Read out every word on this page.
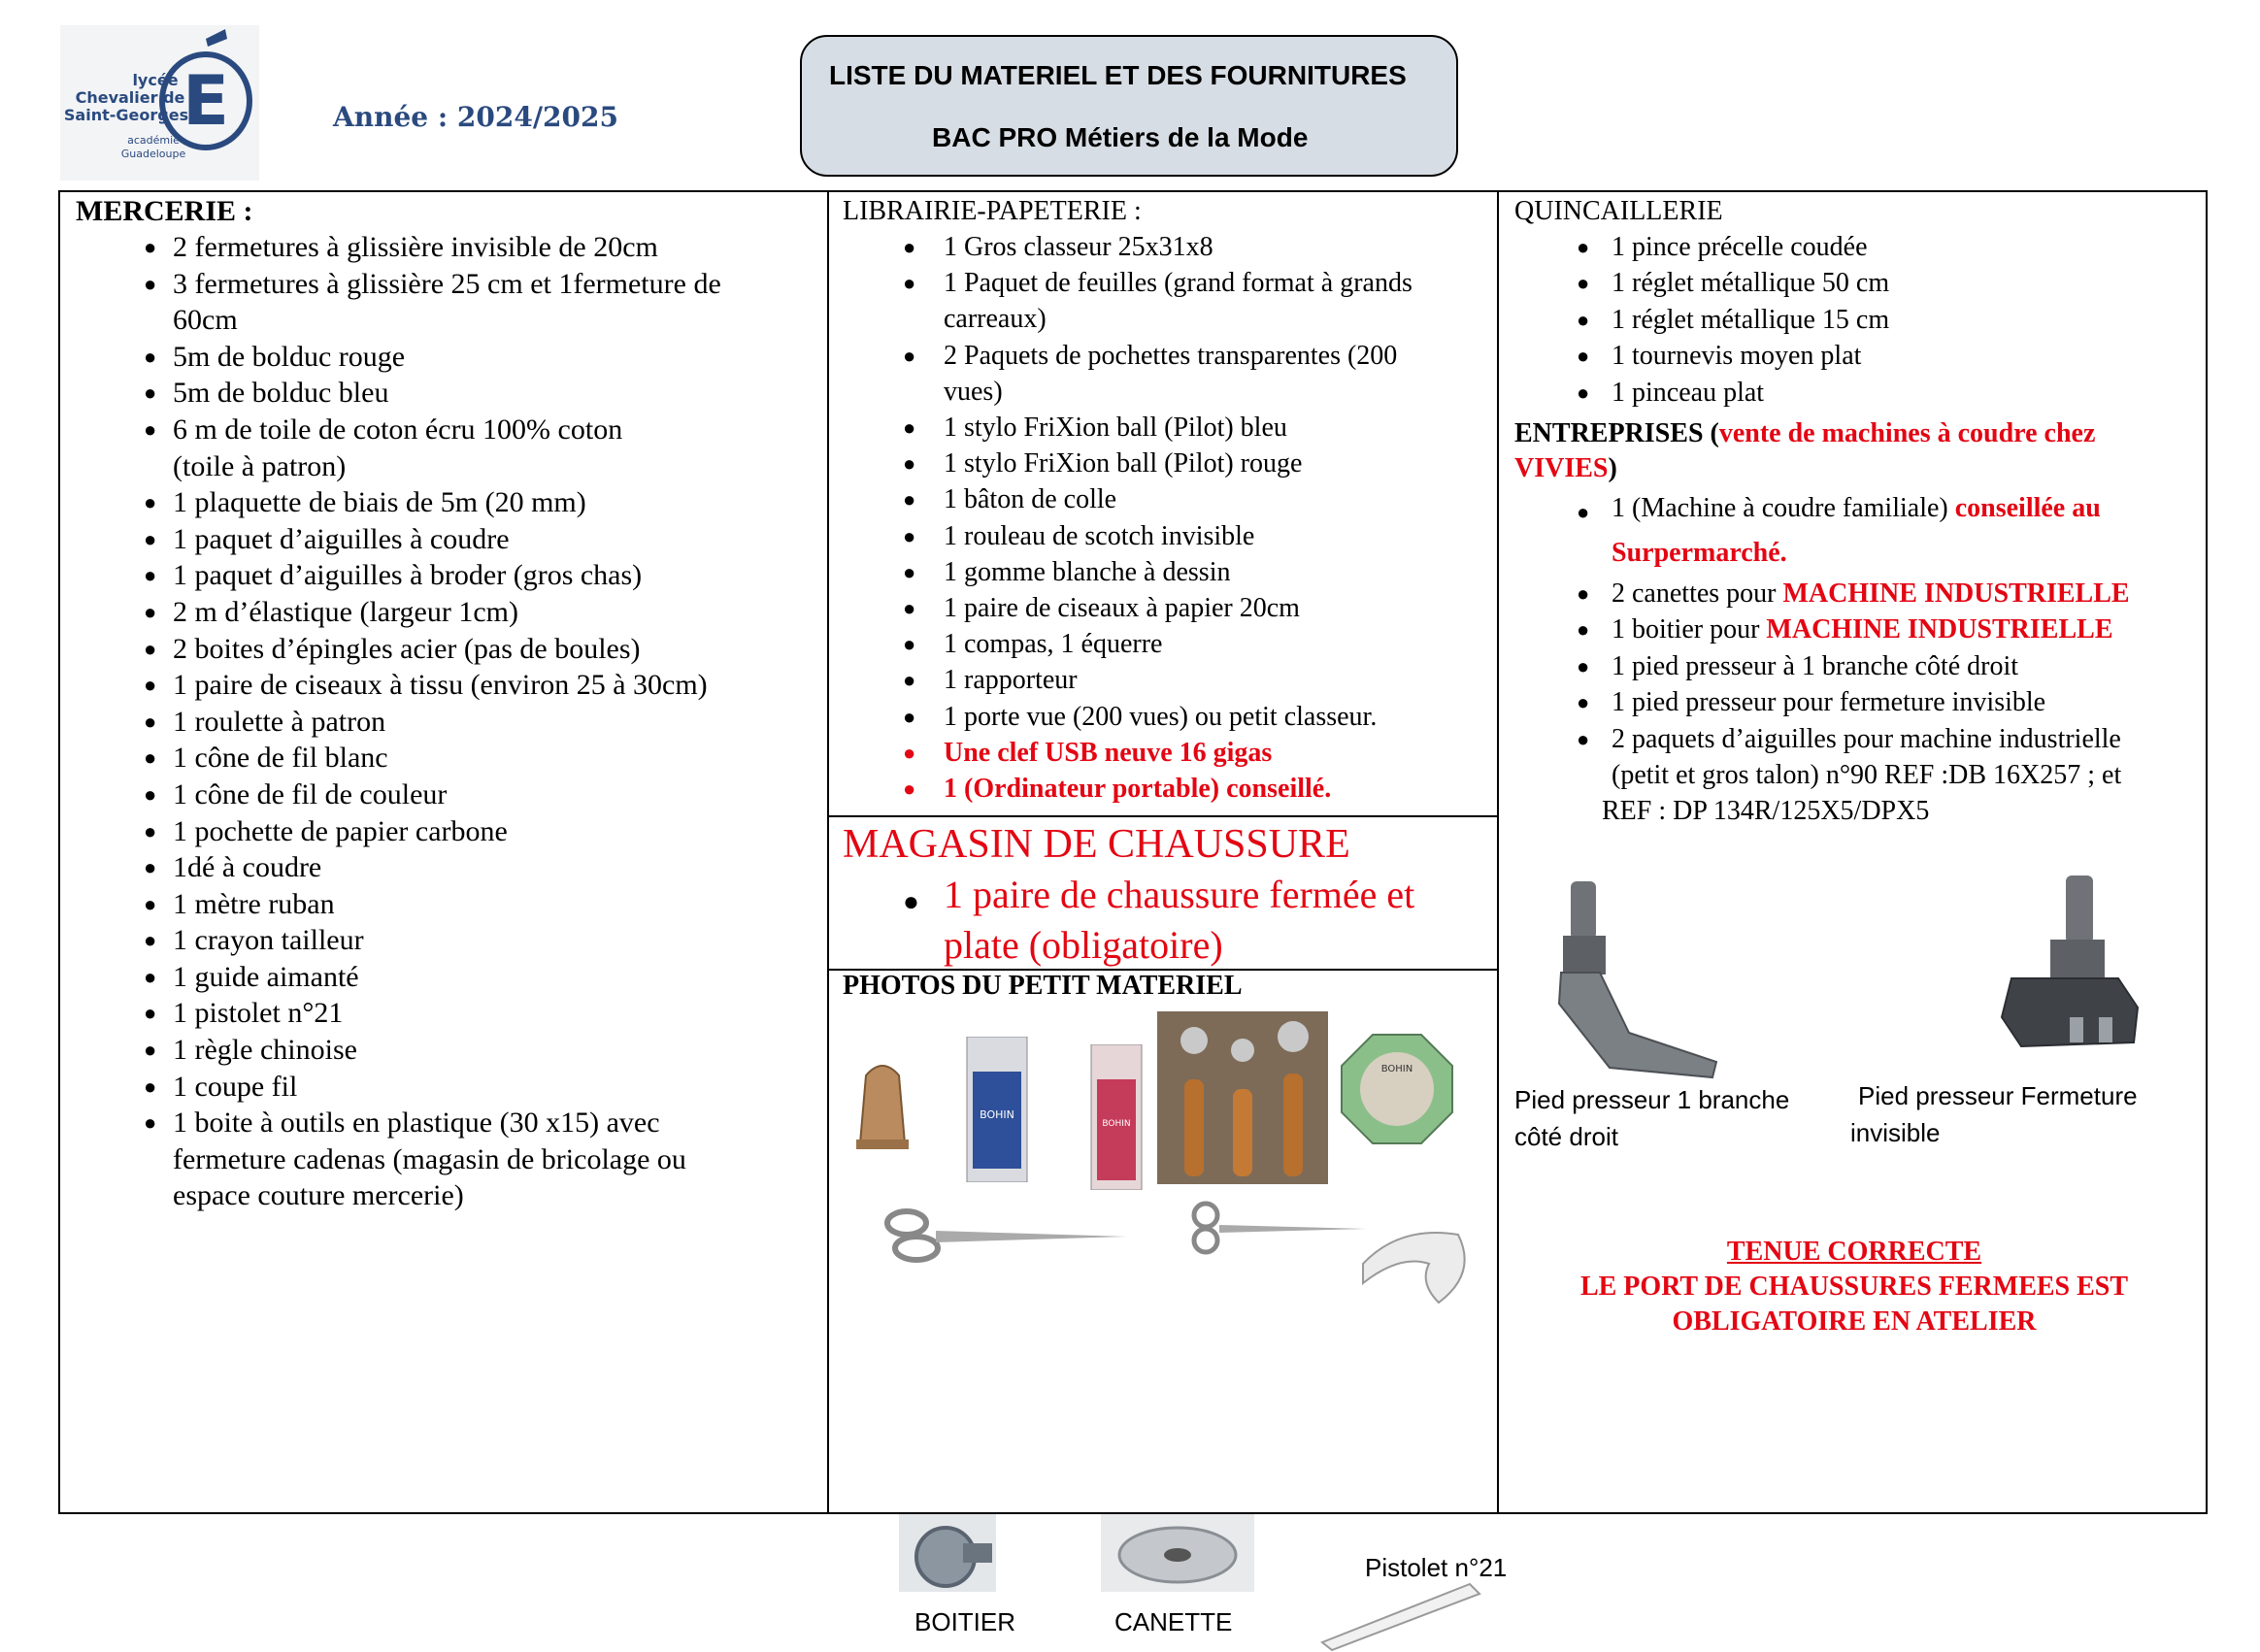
E
lycée
Chevalier de
Saint-Georges
académie
Guadeloupe
Année : 2024/2025
LISTE DU MATERIEL ET DES FOURNITURES
BAC PRO Métiers de la Mode
MERCERIE :
● 2 fermetures à glissière invisible de 20cm
● 3 fermetures à glissière 25 cm et 1fermeture de
60cm
● 5m de bolduc rouge
● 5m de bolduc bleu
● 6 m de toile de coton écru 100% coton
(toile à patron)
● 1 plaquette de biais de 5m (20 mm)
● 1 paquet d’aiguilles à coudre
● 1 paquet d’aiguilles à broder (gros chas)
● 2 m d’élastique (largeur 1cm)
● 2 boites d’épingles acier (pas de boules)
● 1 paire de ciseaux à tissu (environ 25 à 30cm)
● 1 roulette à patron
● 1 cône de fil blanc
● 1 cône de fil de couleur
● 1 pochette de papier carbone
● 1dé à coudre
● 1 mètre ruban
● 1 crayon tailleur
● 1 guide aimanté
● 1 pistolet n°21
● 1 règle chinoise
● 1 coupe fil
● 1 boite à outils en plastique (30 x15) avec
fermeture cadenas (magasin de bricolage ou
espace couture mercerie)
LIBRAIRIE-PAPETERIE :
● 1 Gros classeur 25x31x8
● 1 Paquet de feuilles (grand format à grands
carreaux)
● 2 Paquets de pochettes transparentes (200
vues)
● 1 stylo FriXion ball (Pilot) bleu
● 1 stylo FriXion ball (Pilot) rouge
● 1 bâton de colle
● 1 rouleau de scotch invisible
● 1 gomme blanche à dessin
● 1 paire de ciseaux à papier 20cm
● 1 compas, 1 équerre
● 1 rapporteur
● 1 porte vue (200 vues) ou petit classeur.
● Une clef USB neuve 16 gigas
● 1 (Ordinateur portable) conseillé.
MAGASIN DE CHAUSSURE
● 1 paire de chaussure fermée et
plate (obligatoire)
PHOTOS DU PETIT MATERIEL
BOHIN
BOHIN
BOHIN
BOITIER	CANETTE
Pistolet n°21
QUINCAILLERIE
● 1 pince précelle coudée
● 1 réglet métallique 50 cm
● 1 réglet métallique 15 cm
● 1 tournevis moyen plat
● 1 pinceau plat
ENTREPRISES (vente de machines à coudre chez VIVIES)
● 1 (Machine à coudre familiale) conseillée au
Surpermarché.
● 2 canettes pour MACHINE INDUSTRIELLE
● 1 boitier pour MACHINE INDUSTRIELLE
● 1 pied presseur à 1 branche côté droit
● 1 pied presseur pour fermeture invisible
● 2 paquets d’aiguilles pour machine industrielle
(petit et gros talon) n°90 REF :DB 16X257 ; et
REF : DP 134R/125X5/DPX5
Pied presseur 1 branche
côté droit
Pied presseur Fermeture
invisible
TENUE CORRECTE
LE PORT DE CHAUSSURES FERMEES EST
OBLIGATOIRE EN ATELIER
